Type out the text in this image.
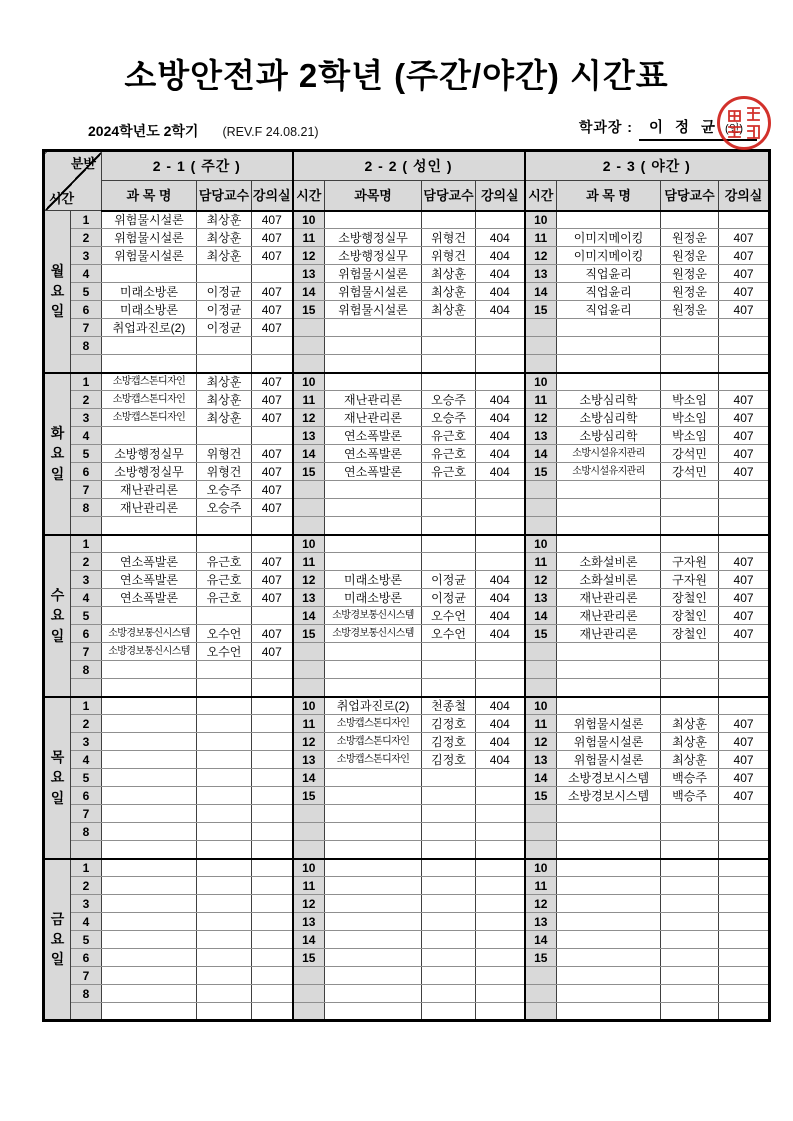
소방안전과 2학년 (주간/야간) 시간표
2024학년도 2학기 (REV.F 24.08.21)	학과장 :	이 정 균 (인)
분반
시간		2 - 1 ( 주간 )			2 - 2 ( 성인 )				2 - 3 ( 야간 )			
		과 목 명	담당교수	강의실	시간	과목명	담당교수	강의실	시간	과 목 명	담당교수	강의실

월
요
일	1	위험물시설론	최상훈	407	10				10			
	2	위험물시설론	최상훈	407	11	소방행정실무	위형건	404	11	이미지메이킹	원정운	407
	3	위험물시설론	최상훈	407	12	소방행정실무	위형건	404	12	이미지메이킹	원정운	407
	4				13	위험물시설론	최상훈	404	13	직업윤리	원정운	407
	5	미래소방론	이정균	407	14	위험물시설론	최상훈	404	14	직업윤리	원정운	407
	6	미래소방론	이정균	407	15	위험물시설론	최상훈	404	15	직업윤리	원정운	407
	7	취업과진로(2)	이정균	407								
	8											

화
요
일	1	소방캡스톤디자인	최상훈	407	10				10			
	2	소방캡스톤디자인	최상훈	407	11	재난관리론	오승주	404	11	소방심리학	박소임	407
	3	소방캡스톤디자인	최상훈	407	12	재난관리론	오승주	404	12	소방심리학	박소임	407
	4				13	연소폭발론	유근호	404	13	소방심리학	박소임	407
	5	소방행정실무	위형건	407	14	연소폭발론	유근호	404	14	소방시설유지관리	강석민	407
	6	소방행정실무	위형건	407	15	연소폭발론	유근호	404	15	소방시설유지관리	강석민	407
	7	재난관리론	오승주	407								
	8	재난관리론	오승주	407								

수
요
일	1				10				10			
	2	연소폭발론	유근호	407	11				11	소화설비론	구자원	407
	3	연소폭발론	유근호	407	12	미래소방론	이정균	404	12	소화설비론	구자원	407
	4	연소폭발론	유근호	407	13	미래소방론	이정균	404	13	재난관리론	장철인	407
	5				14	소방경보통신시스템	오수언	404	14	재난관리론	장철인	407
	6	소방경보통신시스템	오수언	407	15	소방경보통신시스템	오수언	404	15	재난관리론	장철인	407
	7	소방경보통신시스템	오수언	407								
	8											

목
요
일	1				10	취업과진로(2)	천종철	404	10			
	2				11	소방캡스톤디자인	김정호	404	11	위험물시설론	최상훈	407
	3				12	소방캡스톤디자인	김정호	404	12	위험물시설론	최상훈	407
	4				13	소방캡스톤디자인	김정호	404	13	위험물시설론	최상훈	407
	5				14				14	소방경보시스템	백승주	407
	6				15				15	소방경보시스템	백승주	407
	7											
	8											

금
요
일	1				10				10			
	2				11				11			
	3				12				12			
	4				13				13			
	5				14				14			
	6				15				15			
	7											
	8											
